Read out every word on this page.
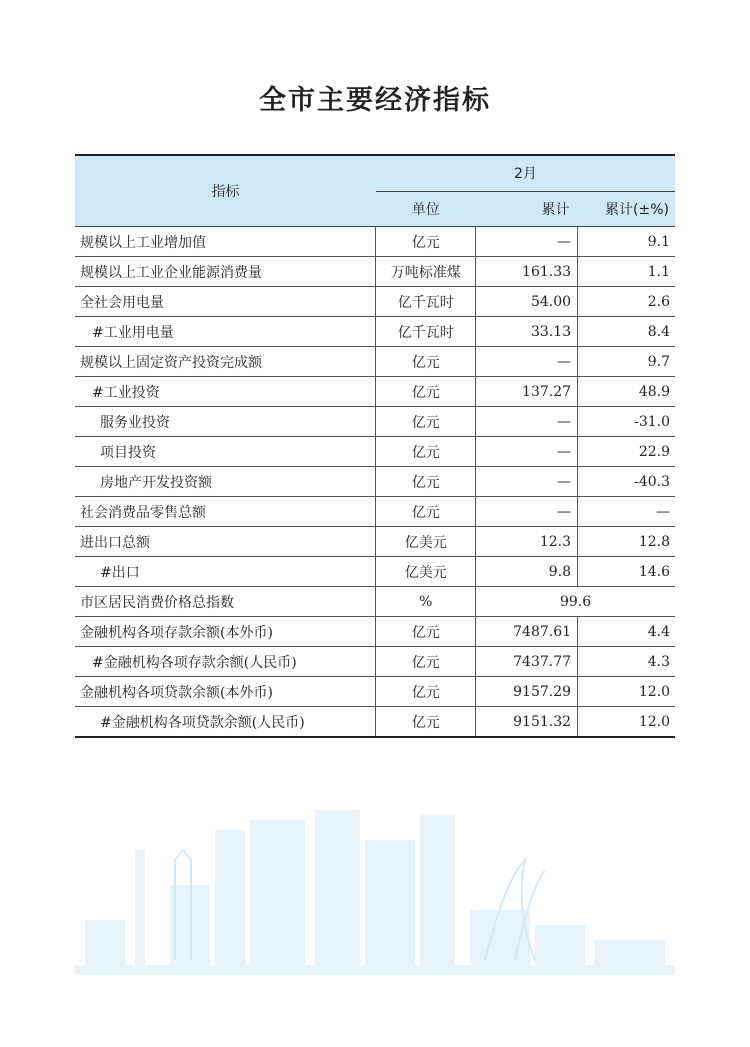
全市主要经济指标
指标	2月		
	单位	累计	累计(±%)
规模以上工业增加值	亿元	—	9.1
规模以上工业企业能源消费量	万吨标准煤	161.33	1.1
全社会用电量	亿千瓦时	54.00	2.6
#工业用电量	亿千瓦时	33.13	8.4
规模以上固定资产投资完成额	亿元	—	9.7
#工业投资	亿元	137.27	48.9
服务业投资	亿元	—	-31.0
项目投资	亿元	—	22.9
房地产开发投资额	亿元	—	-40.3
社会消费品零售总额	亿元	—	—
进出口总额	亿美元	12.3	12.8
#出口	亿美元	9.8	14.6
市区居民消费价格总指数	%	99.6	
金融机构各项存款余额(本外币)	亿元	7487.61	4.4
#金融机构各项存款余额(人民币)	亿元	7437.77	4.3
金融机构各项贷款余额(本外币)	亿元	9157.29	12.0
#金融机构各项贷款余额(人民币)	亿元	9151.32	12.0
